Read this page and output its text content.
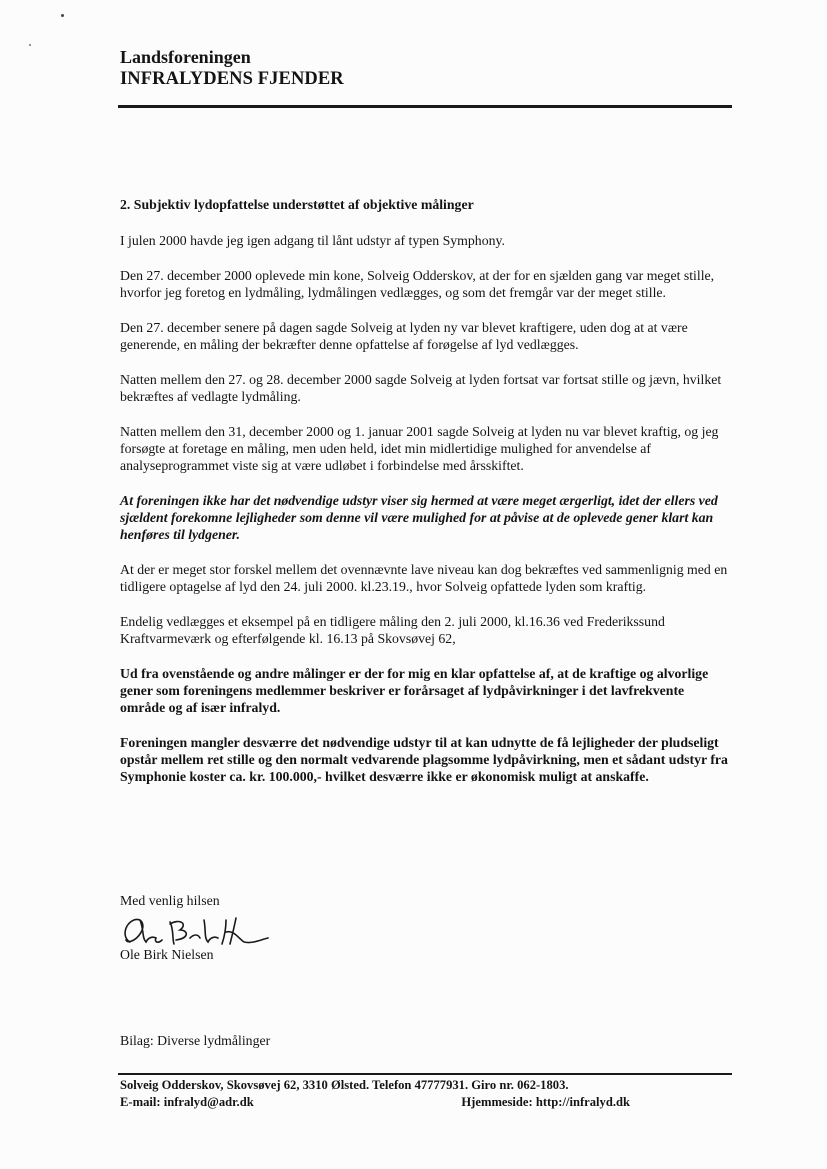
Landsforeningen
INFRALYDENS FJENDER

2. Subjektiv lydopfattelse understøttet af objektive målinger

I julen 2000 havde jeg igen adgang til lånt udstyr af typen Symphony.

Den 27. december 2000 oplevede min kone, Solveig Odderskov, at der for en sjælden gang var meget stille, hvorfor jeg foretog en lydmåling, lydmålingen vedlægges, og som det fremgår var der meget stille.

Den 27. december senere på dagen sagde Solveig at lyden ny var blevet kraftigere, uden dog at at være generende, en måling der bekræfter denne opfattelse af forøgelse af lyd vedlægges.

Natten mellem den 27. og 28. december 2000 sagde Solveig at lyden fortsat var fortsat stille og jævn, hvilket bekræftes af vedlagte lydmåling.

Natten mellem den 31, december 2000 og 1. januar 2001 sagde Solveig at lyden nu var blevet kraftig, og jeg forsøgte at foretage en måling, men uden held, idet min midlertidige mulighed for anvendelse af analyseprogrammet viste sig at være udløbet i forbindelse med årsskiftet.

At foreningen ikke har det nødvendige udstyr viser sig hermed at være meget ærgerligt, idet der ellers ved sjældent forekomne lejligheder som denne vil være mulighed for at påvise at de oplevede gener klart kan henføres til lydgener.

At der er meget stor forskel mellem det ovennævnte lave niveau kan dog bekræftes ved sammenlignig med en tidligere optagelse af lyd den 24. juli 2000. kl.23.19., hvor Solveig opfattede lyden som kraftig.

Endelig vedlægges et eksempel på en tidligere måling den 2. juli 2000, kl.16.36 ved Frederikssund Kraftvarmeværk og efterfølgende kl. 16.13 på Skovsøvej 62,

Ud fra ovenstående og andre målinger er der for mig en klar opfattelse af, at de kraftige og alvorlige gener som foreningens medlemmer beskriver er forårsaget af lydpåvirkninger i det lavfrekvente område og af især infralyd.

Foreningen mangler desværre det nødvendige udstyr til at kan udnytte de få lejligheder der pludseligt opstår mellem ret stille og den normalt vedvarende plagsomme lydpåvirkning, men et sådant udstyr fra Symphonie koster ca. kr. 100.000,- hvilket desværre ikke er økonomisk muligt at anskaffe.

Med venlig hilsen
Ole Birk Nielsen
Bilag: Diverse lydmålinger
Solveig Odderskov, Skovsøvej 62, 3310 Ølsted. Telefon 47777931. Giro nr. 062-1803.
E-mail: infralyd@adr.dk	Hjemmeside: http://infralyd.dk
